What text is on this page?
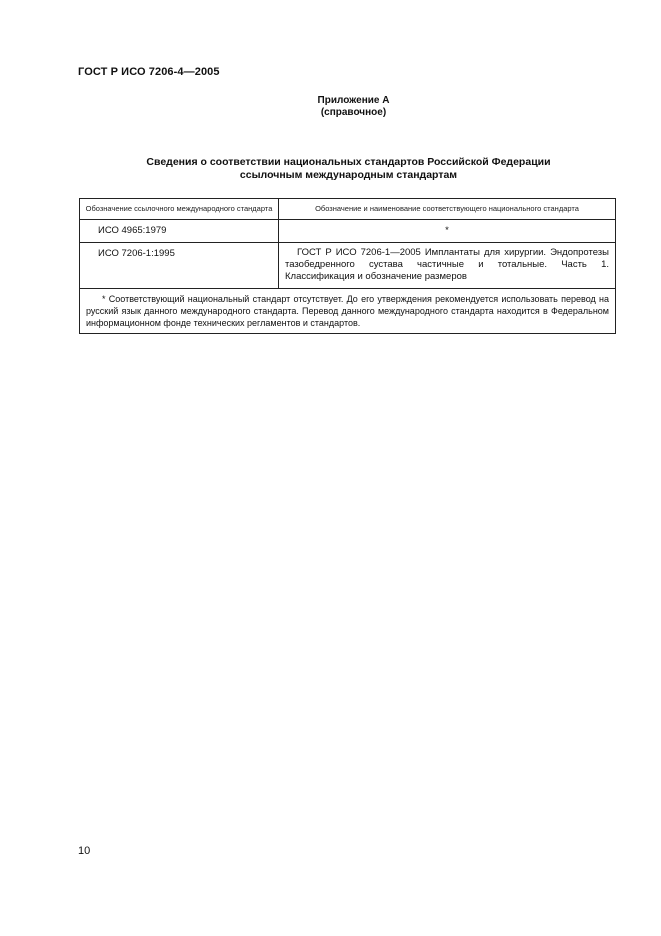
ГОСТ Р ИСО 7206-4—2005
Приложение А
(справочное)
Сведения о соответствии национальных стандартов Российской Федерации
ссылочным международным стандартам
Обозначение ссылочного международного стандарта	Обозначение и наименование соответствующего национального стандарта
ИСО 4965:1979	*
ИСО 7206-1:1995	ГОСТ Р ИСО 7206-1—2005 Имплантаты для хирургии. Эндопротезы тазобедренного сустава частичные и тотальные. Часть 1. Классификация и обозначение размеров
* Соответствующий национальный стандарт отсутствует. До его утверждения рекомендуется использовать перевод на русский язык данного международного стандарта. Перевод данного международного стандарта находится в Федеральном информационном фонде технических регламентов и стандартов.	
10
